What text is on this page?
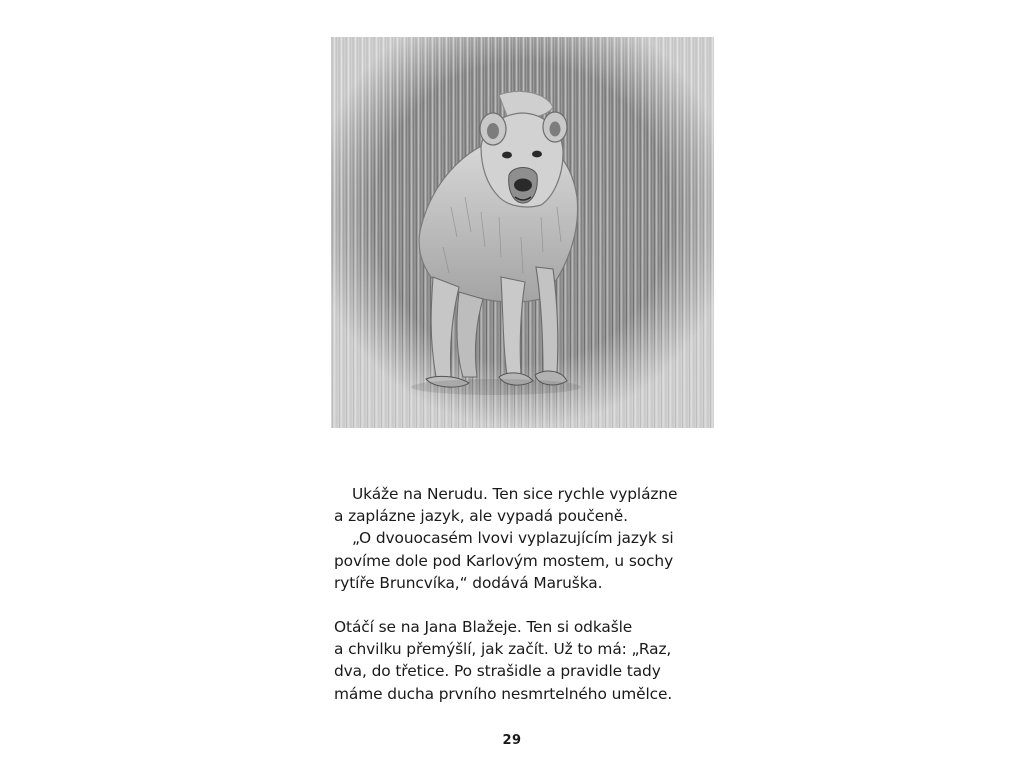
Ukáže na Nerudu. Ten sice rychle vyplázne
a zaplázne jazyk, ale vypadá poučeně.
„O dvouocasém lvovi vyplazujícím jazyk si
povíme dole pod Karlovým mostem, u sochy
rytíře Bruncvíka,“ dodává Maruška.
Otáčí se na Jana Blažeje. Ten si odkašle
a chvilku přemýšlí, jak začít. Už to má: „Raz,
dva, do třetice. Po strašidle a pravidle tady
máme ducha prvního nesmrtelného umělce.
29
